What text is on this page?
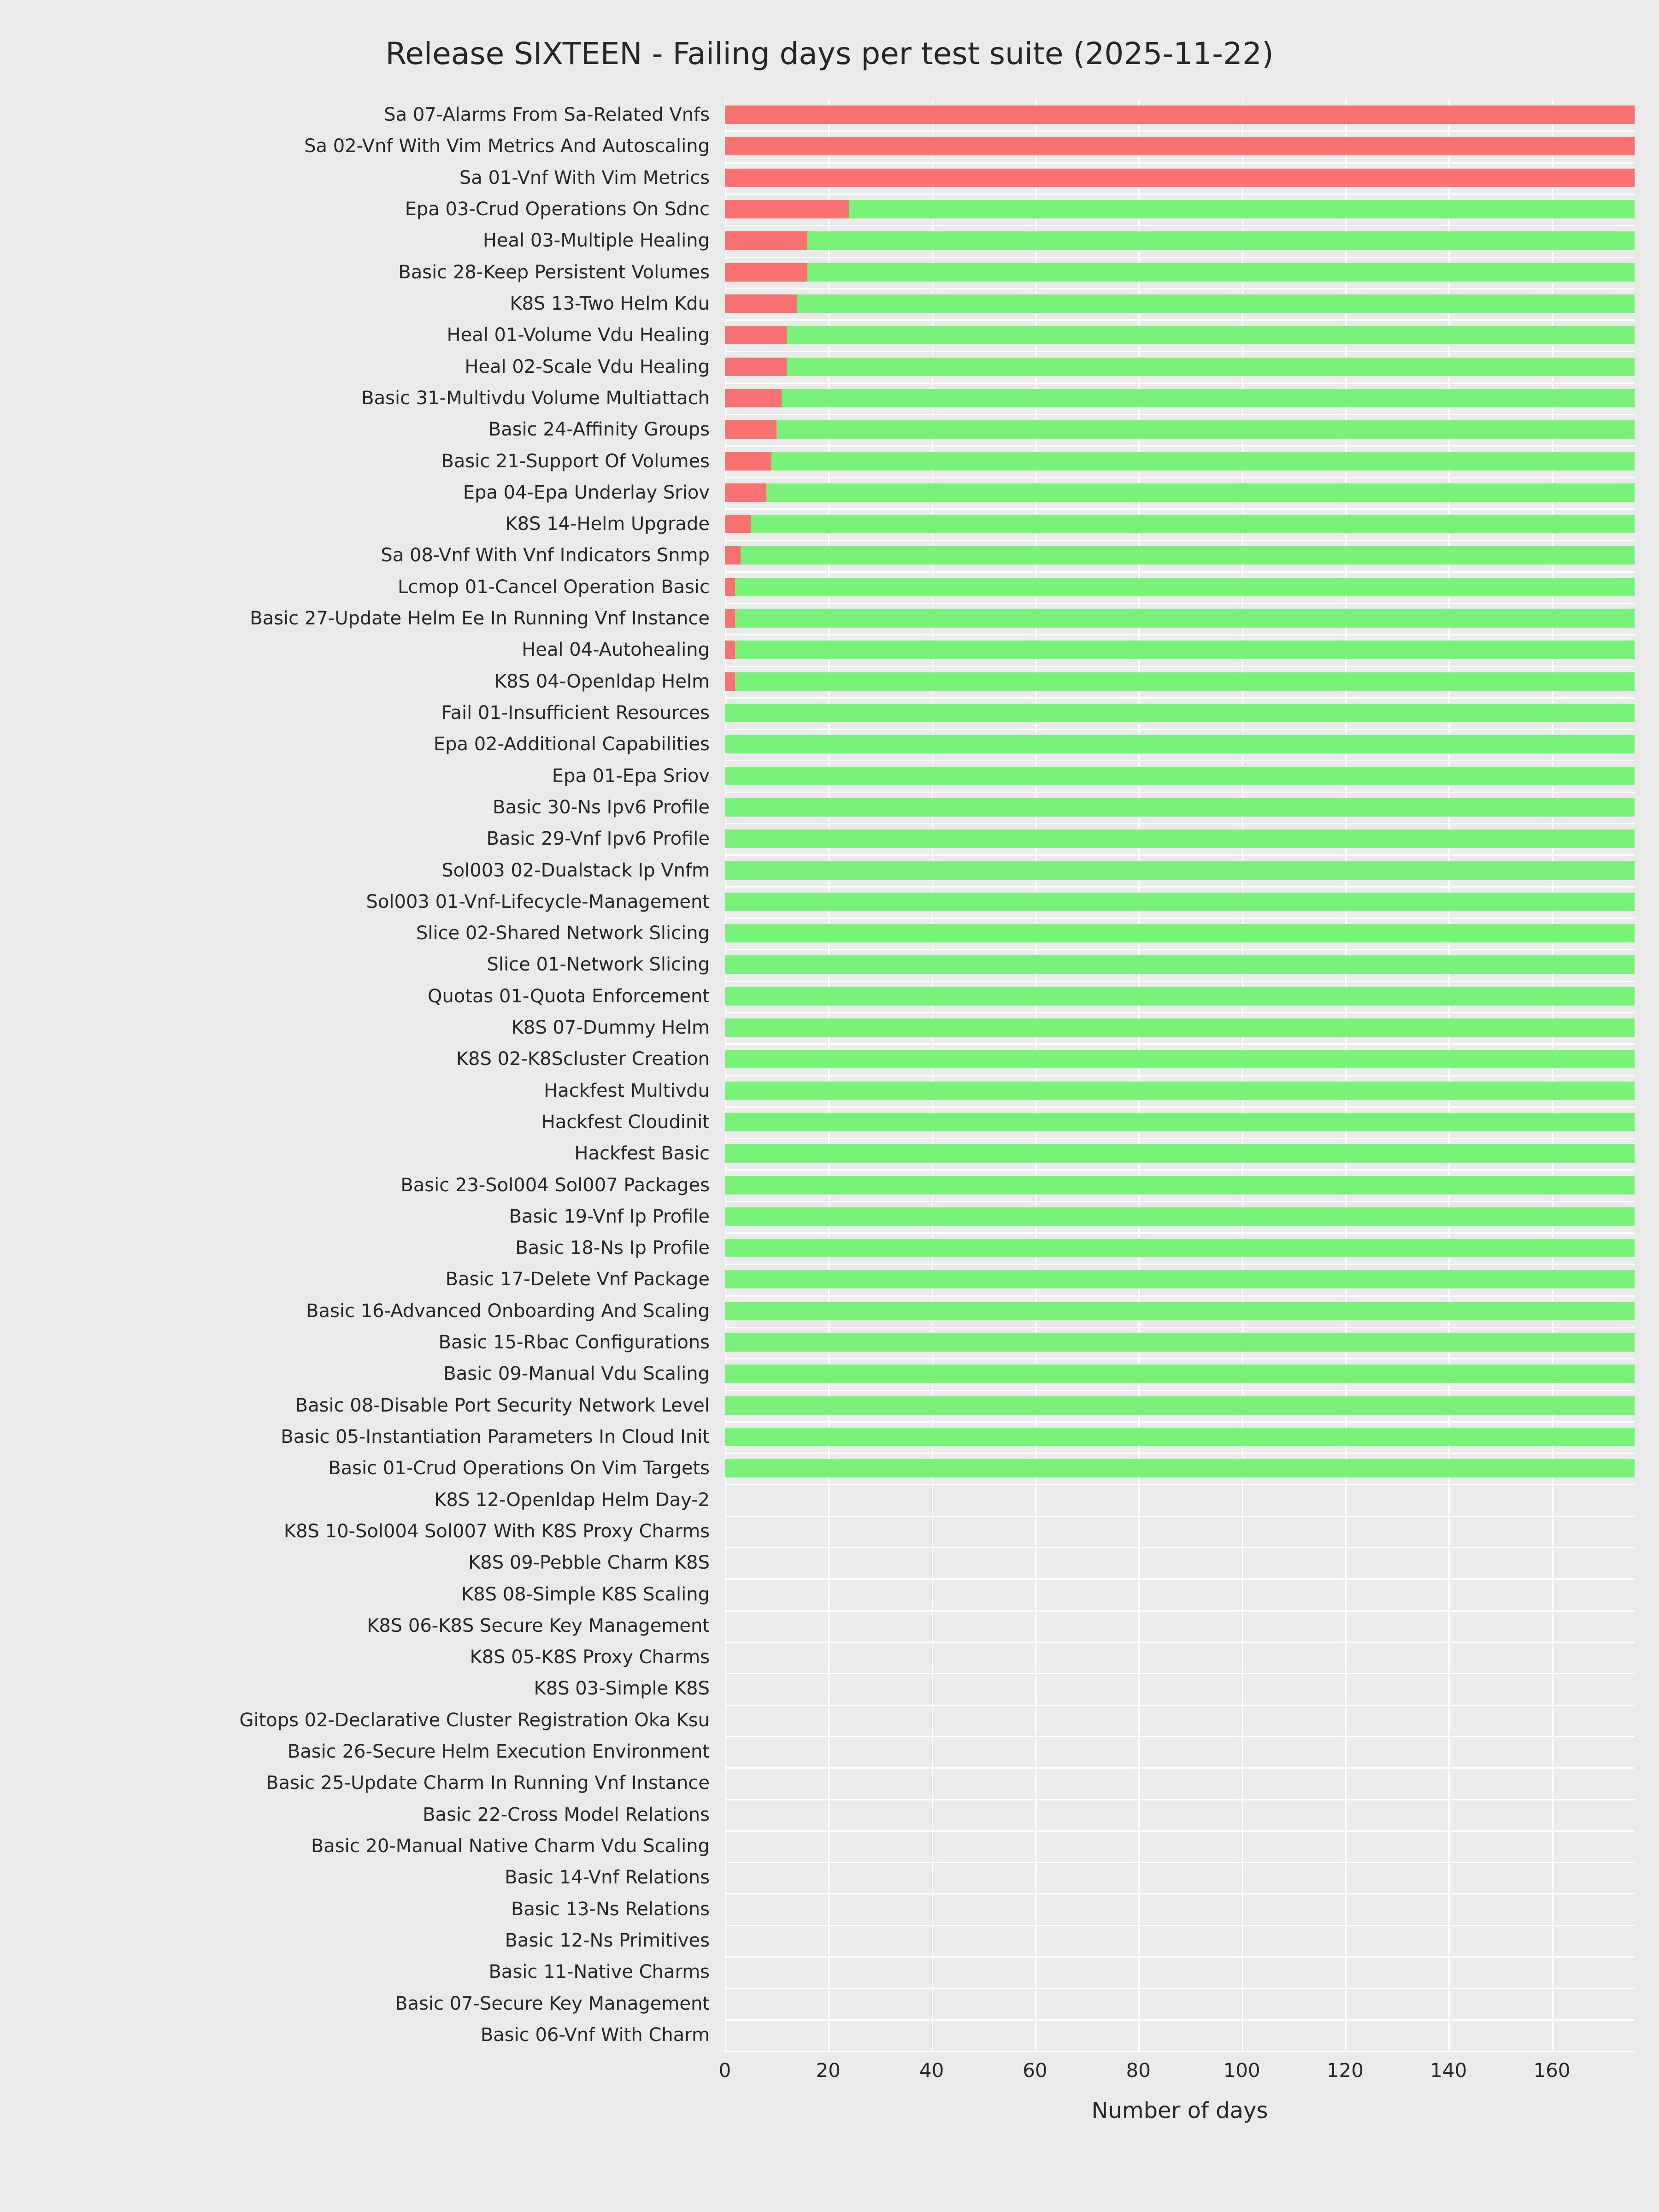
Release SIXTEEN - Failing days per test suite (2025-11-22)
Sa 07-Alarms From Sa-Related Vnfs
Sa 02-Vnf With Vim Metrics And Autoscaling
Sa 01-Vnf With Vim Metrics
Epa 03-Crud Operations On Sdnc
Heal 03-Multiple Healing
Basic 28-Keep Persistent Volumes
K8S 13-Two Helm Kdu
Heal 01-Volume Vdu Healing
Heal 02-Scale Vdu Healing
Basic 31-Multivdu Volume Multiattach
Basic 24-Affinity Groups
Basic 21-Support Of Volumes
Epa 04-Epa Underlay Sriov
K8S 14-Helm Upgrade
Sa 08-Vnf With Vnf Indicators Snmp
Lcmop 01-Cancel Operation Basic
Basic 27-Update Helm Ee In Running Vnf Instance
Heal 04-Autohealing
K8S 04-Openldap Helm
Fail 01-Insufficient Resources
Epa 02-Additional Capabilities
Epa 01-Epa Sriov
Basic 30-Ns Ipv6 Profile
Basic 29-Vnf Ipv6 Profile
Sol003 02-Dualstack Ip Vnfm
Sol003 01-Vnf-Lifecycle-Management
Slice 02-Shared Network Slicing
Slice 01-Network Slicing
Quotas 01-Quota Enforcement
K8S 07-Dummy Helm
K8S 02-K8Scluster Creation
Hackfest Multivdu
Hackfest Cloudinit
Hackfest Basic
Basic 23-Sol004 Sol007 Packages
Basic 19-Vnf Ip Profile
Basic 18-Ns Ip Profile
Basic 17-Delete Vnf Package
Basic 16-Advanced Onboarding And Scaling
Basic 15-Rbac Configurations
Basic 09-Manual Vdu Scaling
Basic 08-Disable Port Security Network Level
Basic 05-Instantiation Parameters In Cloud Init
Basic 01-Crud Operations On Vim Targets
K8S 12-Openldap Helm Day-2
K8S 10-Sol004 Sol007 With K8S Proxy Charms
K8S 09-Pebble Charm K8S
K8S 08-Simple K8S Scaling
K8S 06-K8S Secure Key Management
K8S 05-K8S Proxy Charms
K8S 03-Simple K8S
Gitops 02-Declarative Cluster Registration Oka Ksu
Basic 26-Secure Helm Execution Environment
Basic 25-Update Charm In Running Vnf Instance
Basic 22-Cross Model Relations
Basic 20-Manual Native Charm Vdu Scaling
Basic 14-Vnf Relations
Basic 13-Ns Relations
Basic 12-Ns Primitives
Basic 11-Native Charms
Basic 07-Secure Key Management
Basic 06-Vnf With Charm
0	20	40	60	80	100	120	140	160
Number of days
